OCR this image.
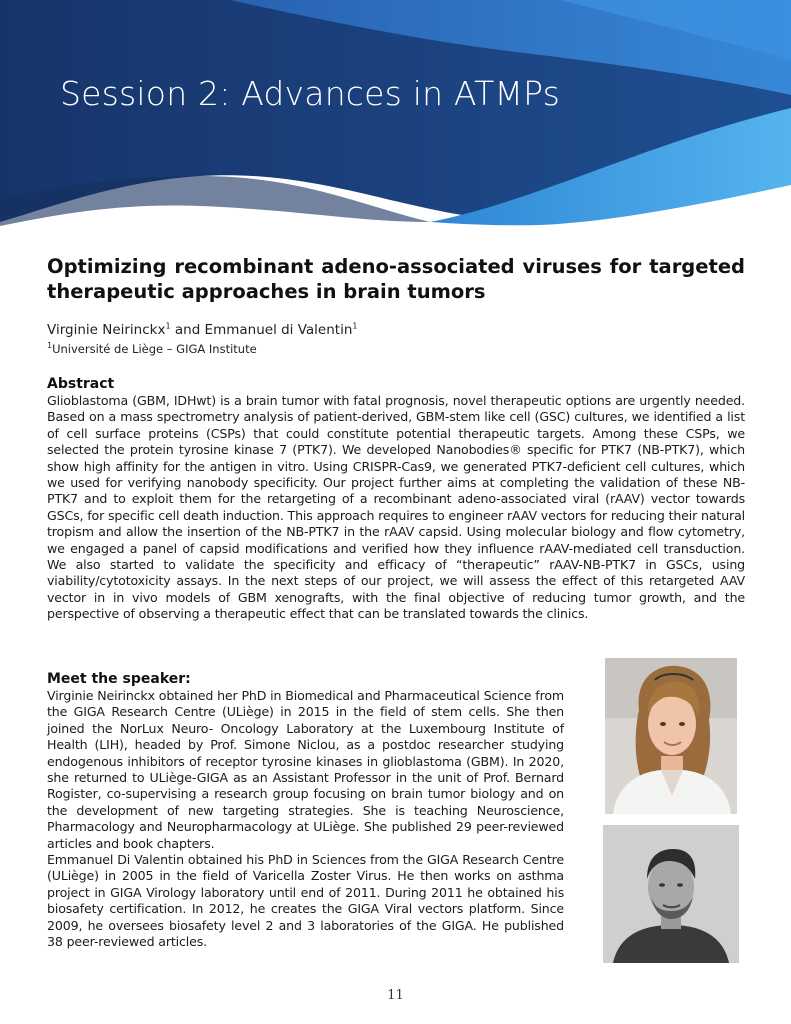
Session 2: Advances in ATMPs
Optimizing recombinant adeno-associated viruses for targeted therapeutic approaches in brain tumors
Virginie Neirinckx$^1$ and Emmanuel di Valentin$^1$
$^1$Université de Liège – GIGA Institute
Abstract
Glioblastoma (GBM, IDHwt) is a brain tumor with fatal prognosis, novel therapeutic options are urgently needed. Based on a mass spectrometry analysis of patient-derived, GBM-stem like cell (GSC) cultures, we identified a list of cell surface proteins (CSPs) that could constitute potential therapeutic targets. Among these CSPs, we selected the protein tyrosine kinase 7 (PTK7). We developed Nanobodies® specific for PTK7 (NB-PTK7), which show high affinity for the antigen in vitro. Using CRISPR-Cas9, we generated PTK7-deficient cell cultures, which we used for verifying nanobody specificity. Our project further aims at completing the validation of these NB-PTK7 and to exploit them for the retargeting of a recombinant adeno-associated viral (rAAV) vector towards GSCs, for specific cell death induction. This approach requires to engineer rAAV vectors for reducing their natural tropism and allow the insertion of the NB-PTK7 in the rAAV capsid. Using molecular biology and flow cytometry, we engaged a panel of capsid modifications and verified how they influence rAAV-mediated cell transduction. We also started to validate the specificity and efficacy of “therapeutic” rAAV-NB-PTK7 in GSCs, using viability/cytotoxicity assays. In the next steps of our project, we will assess the effect of this retargeted AAV vector in in vivo models of GBM xenografts, with the final objective of reducing tumor growth, and the perspective of observing a therapeutic effect that can be translated towards the clinics.
Meet the speaker:

Virginie Neirinckx obtained her PhD in Biomedical and Pharmaceutical Science from the GIGA Research Centre (ULiège) in 2015 in the field of stem cells. She then joined the NorLux Neuro- Oncology Laboratory at the Luxembourg Institute of Health (LIH), headed by Prof. Simone Niclou, as a postdoc researcher studying endogenous inhibitors of receptor tyrosine kinases in glioblastoma (GBM). In 2020, she returned to ULiège-GIGA as an Assistant Professor in the unit of Prof. Bernard Rogister, co-supervising a research group focusing on brain tumor biology and on the development of new targeting strategies. She is teaching Neuroscience, Pharmacology and Neuropharmacology at ULiège. She published 29 peer-reviewed articles and book chapters.

Emmanuel Di Valentin obtained his PhD in Sciences from the GIGA Research Centre (ULiège) in 2005 in the field of Varicella Zoster Virus. He then works on asthma project in GIGA Virology laboratory until end of 2011. During 2011 he obtained his biosafety certification. In 2012, he creates the GIGA Viral vectors platform. Since 2009, he oversees biosafety level 2 and 3 laboratories of the GIGA. He published 38 peer-reviewed articles.

11
